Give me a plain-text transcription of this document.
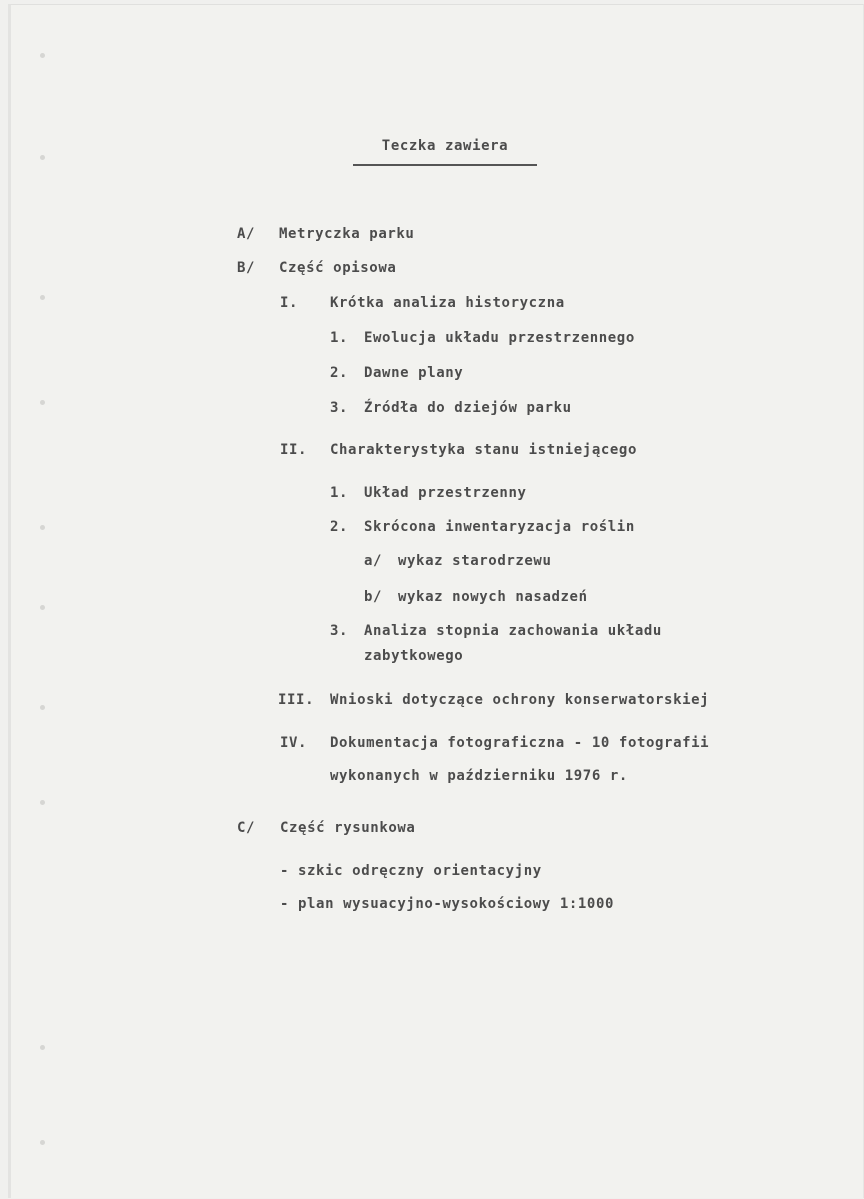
Teczka zawiera
A/ Metryczka parku
B/ Część opisowa
I. Krótka analiza historyczna
1. Ewolucja układu przestrzennego
2. Dawne plany
3. Źródła do dziejów parku
II. Charakterystyka stanu istniejącego
1. Układ przestrzenny
2. Skrócona inwentaryzacja roślin
a/ wykaz starodrzewu
b/ wykaz nowych nasadzeń
3. Analiza stopnia zachowania układu
zabytkowego
III. Wnioski dotyczące ochrony konserwatorskiej
IV. Dokumentacja fotograficzna - 10 fotografii
wykonanych w październiku 1976 r.
C/ Część rysunkowa
- szkic odręczny orientacyjny
- plan wysuacyjno-wysokościowy 1:1000
